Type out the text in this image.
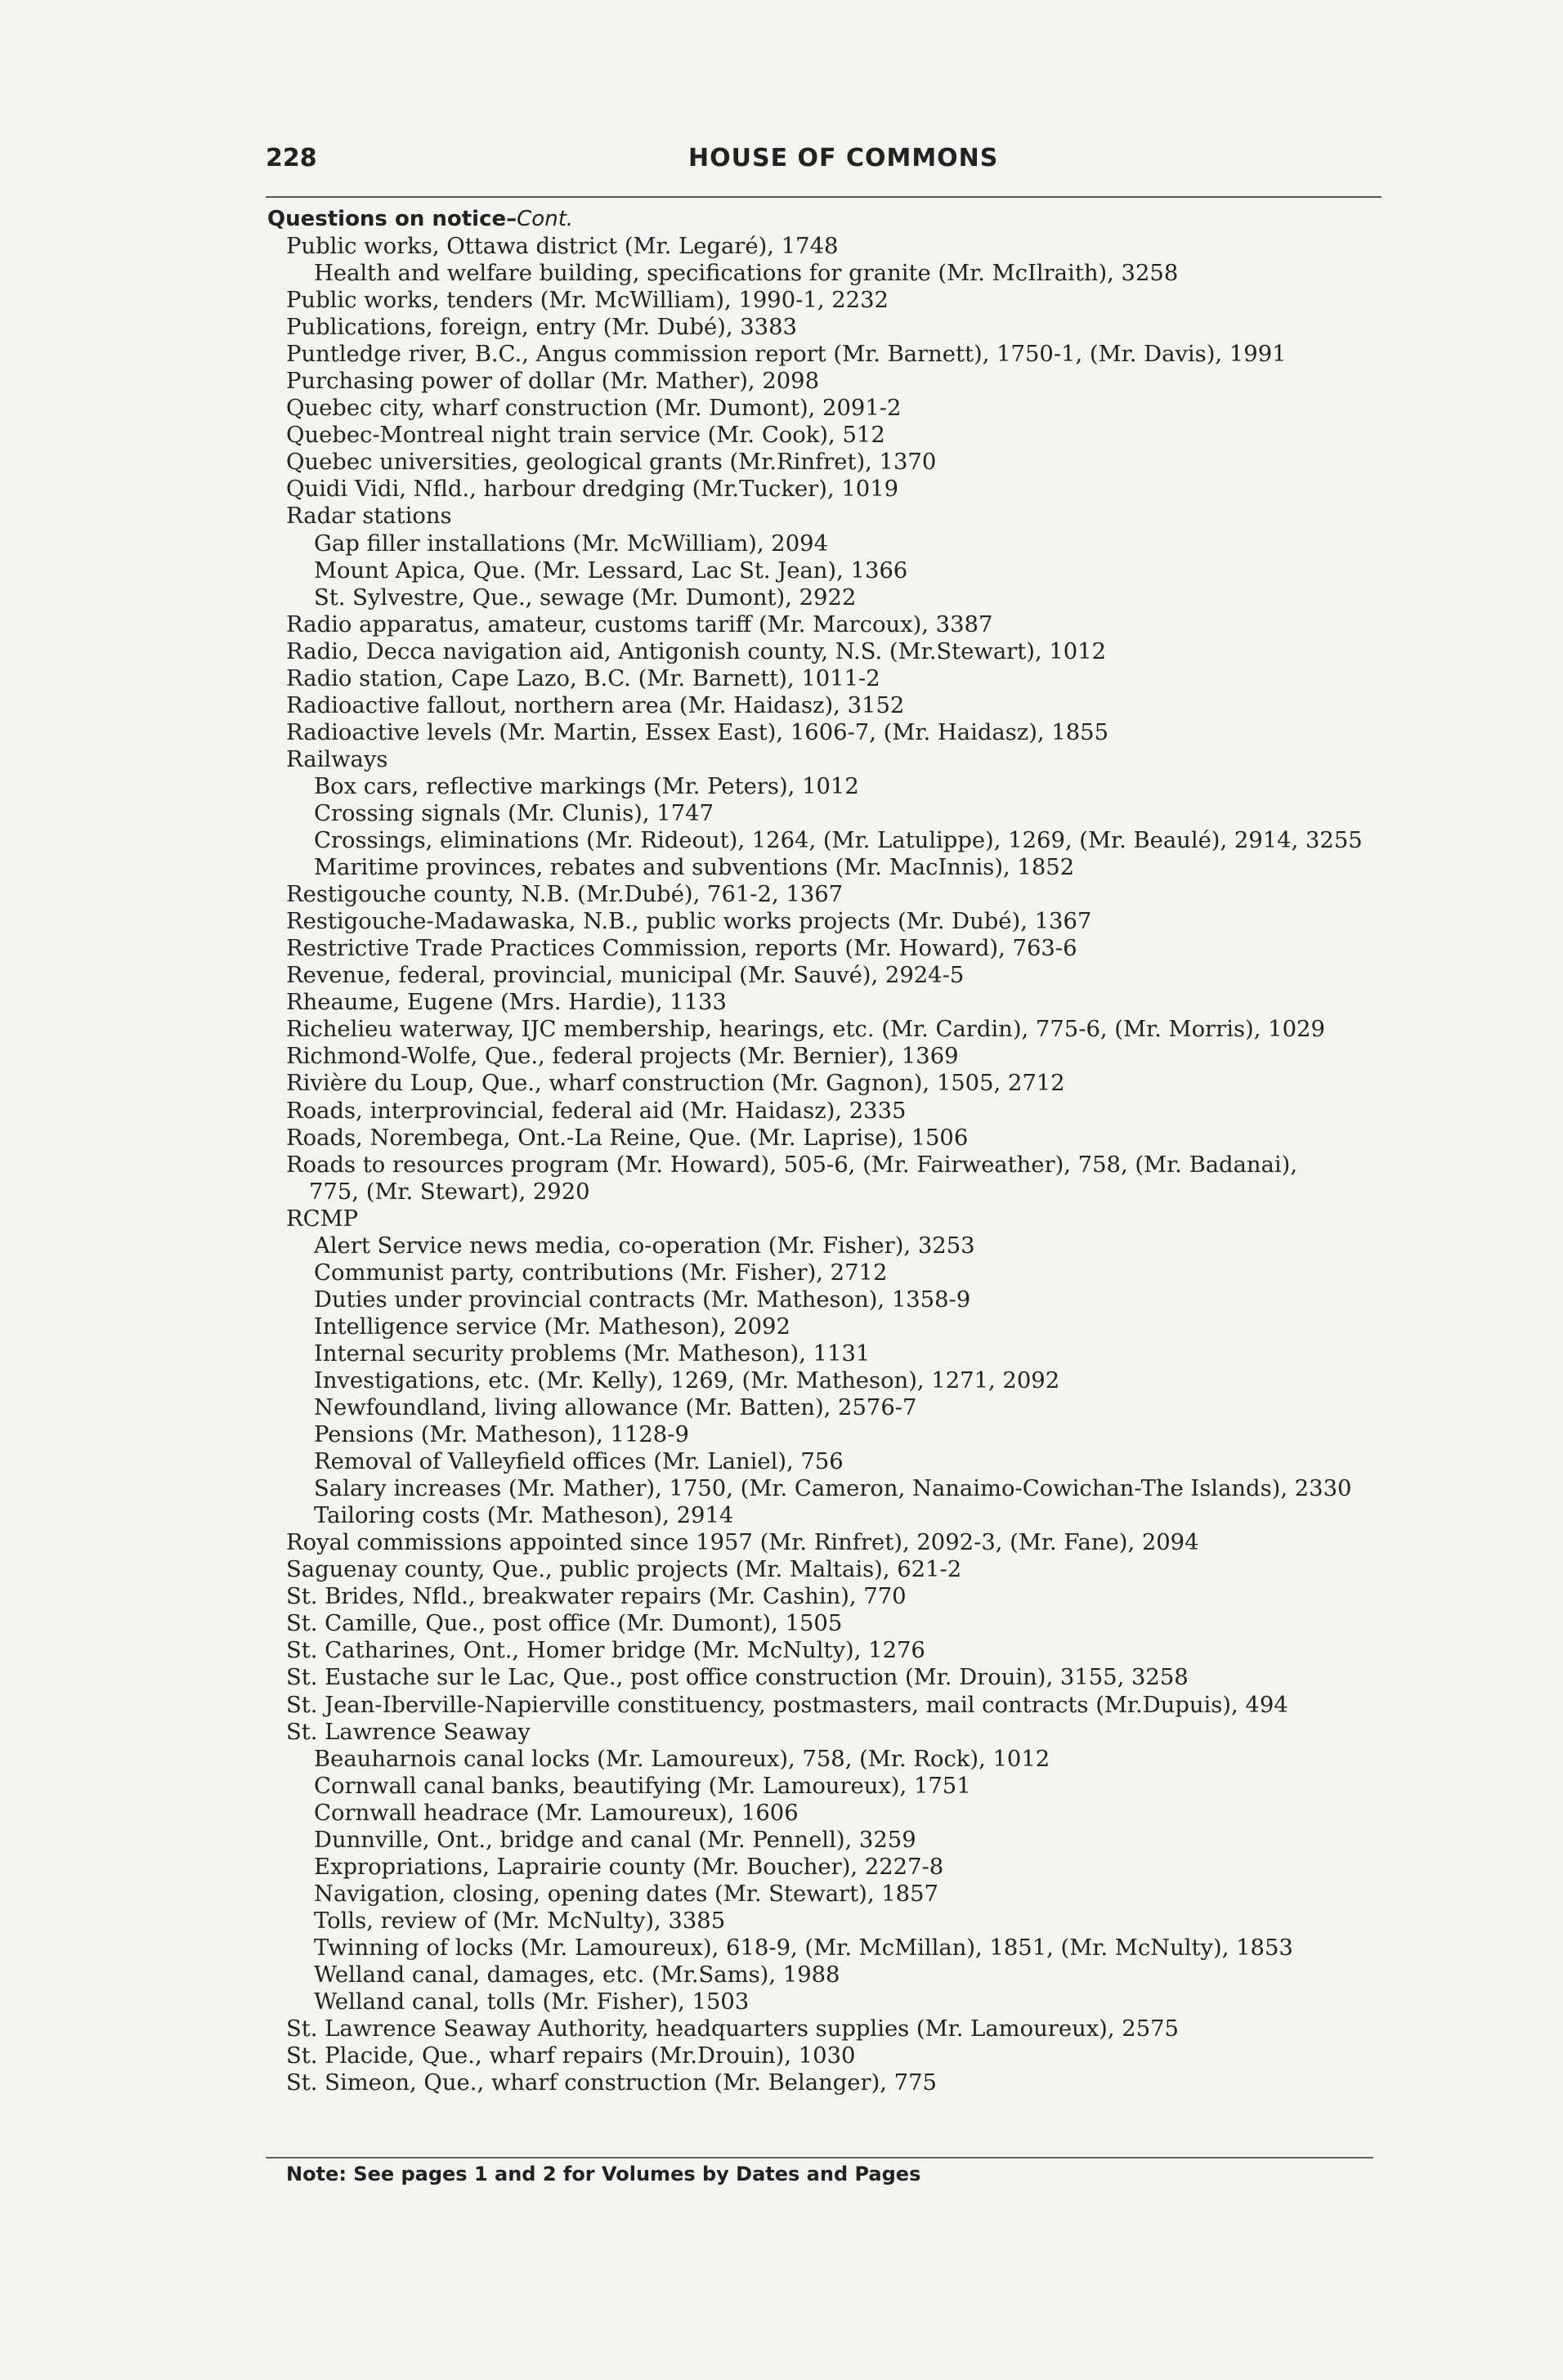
228	HOUSE OF COMMONS
Questions on notice–Cont.
Public works, Ottawa district (Mr. Legaré), 1748
Health and welfare building, specifications for granite (Mr. McIlraith), 3258
Public works, tenders (Mr. McWilliam), 1990-1, 2232
Publications, foreign, entry (Mr. Dubé), 3383
Puntledge river, B.C., Angus commission report (Mr. Barnett), 1750-1, (Mr. Davis), 1991
Purchasing power of dollar (Mr. Mather), 2098
Quebec city, wharf construction (Mr. Dumont), 2091-2
Quebec-Montreal night train service (Mr. Cook), 512
Quebec universities, geological grants (Mr.Rinfret), 1370
Quidi Vidi, Nfld., harbour dredging (Mr.Tucker), 1019
Radar stations
Gap filler installations (Mr. McWilliam), 2094
Mount Apica, Que. (Mr. Lessard, Lac St. Jean), 1366
St. Sylvestre, Que., sewage (Mr. Dumont), 2922
Radio apparatus, amateur, customs tariff (Mr. Marcoux), 3387
Radio, Decca navigation aid, Antigonish county, N.S. (Mr.Stewart), 1012
Radio station, Cape Lazo, B.C. (Mr. Barnett), 1011-2
Radioactive fallout, northern area (Mr. Haidasz), 3152
Radioactive levels (Mr. Martin, Essex East), 1606-7, (Mr. Haidasz), 1855
Railways
Box cars, reflective markings (Mr. Peters), 1012
Crossing signals (Mr. Clunis), 1747
Crossings, eliminations (Mr. Rideout), 1264, (Mr. Latulippe), 1269, (Mr. Beaulé), 2914, 3255
Maritime provinces, rebates and subventions (Mr. MacInnis), 1852
Restigouche county, N.B. (Mr.Dubé), 761-2, 1367
Restigouche-Madawaska, N.B., public works projects (Mr. Dubé), 1367
Restrictive Trade Practices Commission, reports (Mr. Howard), 763-6
Revenue, federal, provincial, municipal (Mr. Sauvé), 2924-5
Rheaume, Eugene (Mrs. Hardie), 1133
Richelieu waterway, IJC membership, hearings, etc. (Mr. Cardin), 775-6, (Mr. Morris), 1029
Richmond-Wolfe, Que., federal projects (Mr. Bernier), 1369
Rivière du Loup, Que., wharf construction (Mr. Gagnon), 1505, 2712
Roads, interprovincial, federal aid (Mr. Haidasz), 2335
Roads, Norembega, Ont.-La Reine, Que. (Mr. Laprise), 1506
Roads to resources program (Mr. Howard), 505-6, (Mr. Fairweather), 758, (Mr. Badanai),
775, (Mr. Stewart), 2920
RCMP
Alert Service news media, co-operation (Mr. Fisher), 3253
Communist party, contributions (Mr. Fisher), 2712
Duties under provincial contracts (Mr. Matheson), 1358-9
Intelligence service (Mr. Matheson), 2092
Internal security problems (Mr. Matheson), 1131
Investigations, etc. (Mr. Kelly), 1269, (Mr. Matheson), 1271, 2092
Newfoundland, living allowance (Mr. Batten), 2576-7
Pensions (Mr. Matheson), 1128-9
Removal of Valleyfield offices (Mr. Laniel), 756
Salary increases (Mr. Mather), 1750, (Mr. Cameron, Nanaimo-Cowichan-The Islands), 2330
Tailoring costs (Mr. Matheson), 2914
Royal commissions appointed since 1957 (Mr. Rinfret), 2092-3, (Mr. Fane), 2094
Saguenay county, Que., public projects (Mr. Maltais), 621-2
St. Brides, Nfld., breakwater repairs (Mr. Cashin), 770
St. Camille, Que., post office (Mr. Dumont), 1505
St. Catharines, Ont., Homer bridge (Mr. McNulty), 1276
St. Eustache sur le Lac, Que., post office construction (Mr. Drouin), 3155, 3258
St. Jean-Iberville-Napierville constituency, postmasters, mail contracts (Mr.Dupuis), 494
St. Lawrence Seaway
Beauharnois canal locks (Mr. Lamoureux), 758, (Mr. Rock), 1012
Cornwall canal banks, beautifying (Mr. Lamoureux), 1751
Cornwall headrace (Mr. Lamoureux), 1606
Dunnville, Ont., bridge and canal (Mr. Pennell), 3259
Expropriations, Laprairie county (Mr. Boucher), 2227-8
Navigation, closing, opening dates (Mr. Stewart), 1857
Tolls, review of (Mr. McNulty), 3385
Twinning of locks (Mr. Lamoureux), 618-9, (Mr. McMillan), 1851, (Mr. McNulty), 1853
Welland canal, damages, etc. (Mr.Sams), 1988
Welland canal, tolls (Mr. Fisher), 1503
St. Lawrence Seaway Authority, headquarters supplies (Mr. Lamoureux), 2575
St. Placide, Que., wharf repairs (Mr.Drouin), 1030
St. Simeon, Que., wharf construction (Mr. Belanger), 775
Note: See pages 1 and 2 for Volumes by Dates and Pages
